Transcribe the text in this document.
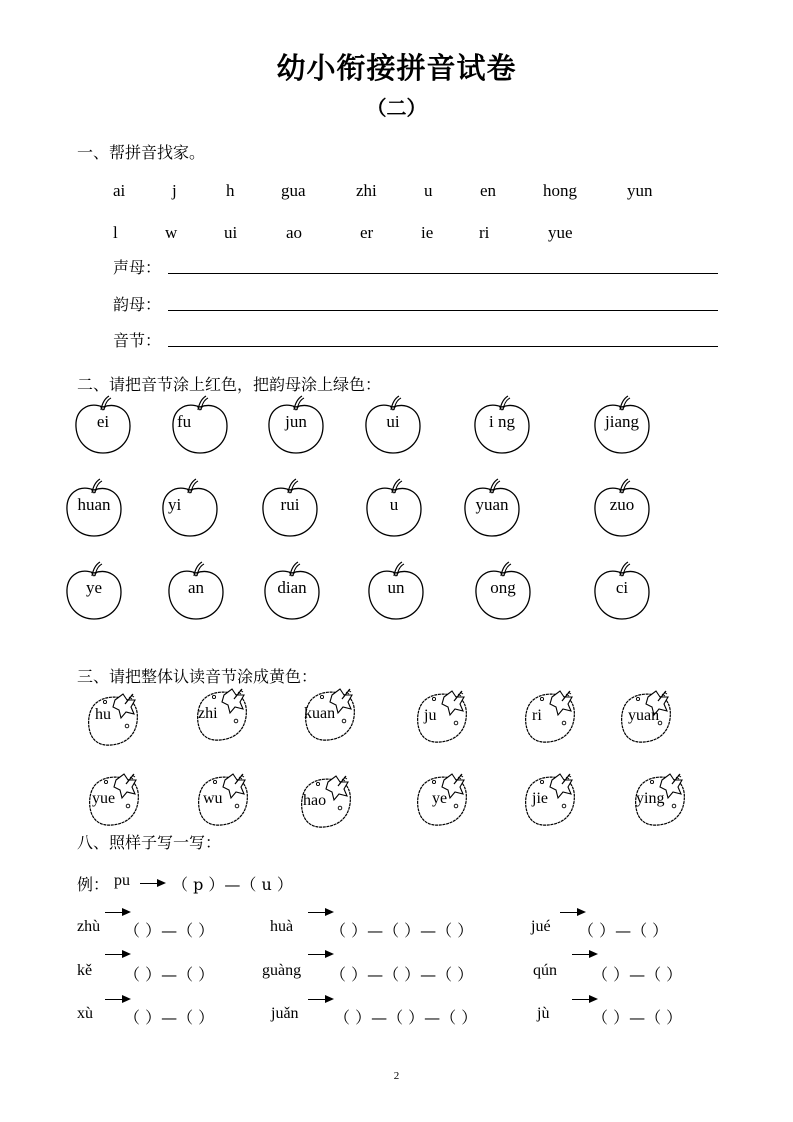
幼小衔接拼音试卷
（二）
一、帮拼音找家。
ai	j	h	gua	zhi	u	en	hong	yun
l	w	ui	ao	er	ie	ri	yue
声母：
韵母：
音节：
二、请把音节涂上红色，把韵母涂上绿色：
ei	fu	jun	ui	i ng	jiang
huan	yi	rui	u	yuan	zuo
ye	an	dian	un	ong	ci
三、请把整体认读音节涂成黄色：
hu	zhi	kuan	ju	ri	yuan
yue	wu	hao	ye	jie	ying
八、照样子写一写：
例： pu	（ p ）—（ u ）
zhù （ ）—（ ）	huà （ ）—（ ）—（ ）	jué （ ）—（ ）
kě （ ）—（ ）	guàng （ ）—（ ）—（ ）	qún （ ）—（ ）
xù （ ）—（ ）	juǎn （ ）—（ ）—（ ）	jù	（ ）—（ ）
2
